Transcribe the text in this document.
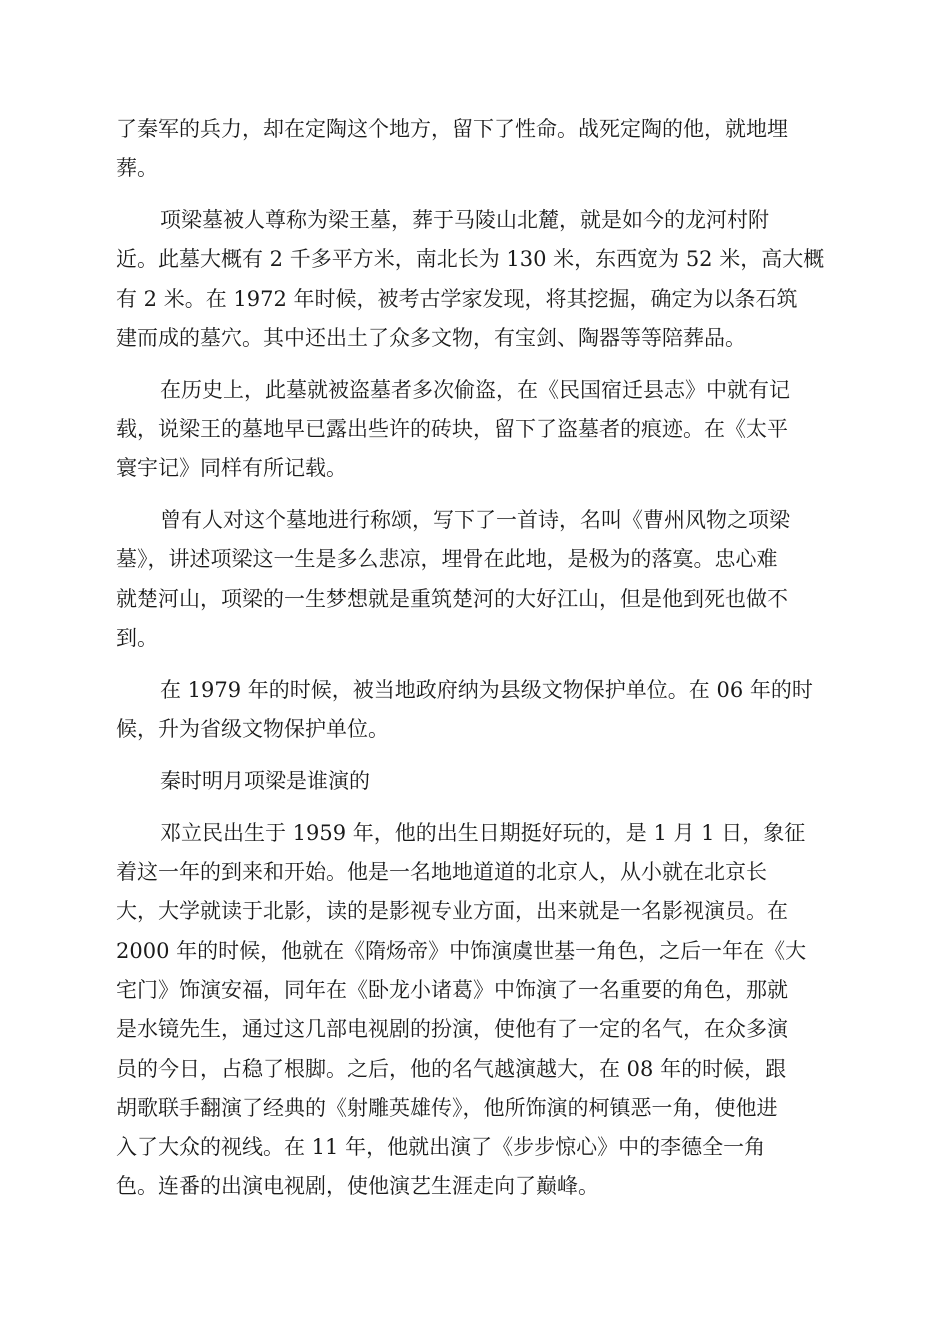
了秦军的兵力，却在定陶这个地方，留下了性命。战死定陶的他，就地埋
葬。

项梁墓被人尊称为梁王墓，葬于马陵山北麓，就是如今的龙河村附
近。此墓大概有 2 千多平方米，南北长为 130 米，东西宽为 52 米，高大概
有 2 米。在 1972 年时候，被考古学家发现，将其挖掘，确定为以条石筑
建而成的墓穴。其中还出土了众多文物，有宝剑、陶器等等陪葬品。

在历史上，此墓就被盗墓者多次偷盗，在《民国宿迁县志》中就有记
载，说梁王的墓地早已露出些许的砖块，留下了盗墓者的痕迹。在《太平
寰宇记》同样有所记载。

曾有人对这个墓地进行称颂，写下了一首诗，名叫《曹州风物之项梁
墓》，讲述项梁这一生是多么悲凉，埋骨在此地，是极为的落寞。忠心难
就楚河山，项梁的一生梦想就是重筑楚河的大好江山，但是他到死也做不
到。

在 1979 年的时候，被当地政府纳为县级文物保护单位。在 06 年的时
候，升为省级文物保护单位。

秦时明月项梁是谁演的

邓立民出生于 1959 年，他的出生日期挺好玩的，是 1 月 1 日，象征
着这一年的到来和开始。他是一名地地道道的北京人，从小就在北京长
大，大学就读于北影，读的是影视专业方面，出来就是一名影视演员。在
2000 年的时候，他就在《隋炀帝》中饰演虞世基一角色，之后一年在《大
宅门》饰演安福，同年在《卧龙小诸葛》中饰演了一名重要的角色，那就
是水镜先生，通过这几部电视剧的扮演，使他有了一定的名气，在众多演
员的今日，占稳了根脚。之后，他的名气越演越大，在 08 年的时候，跟
胡歌联手翻演了经典的《射雕英雄传》，他所饰演的柯镇恶一角，使他进
入了大众的视线。在 11 年，他就出演了《步步惊心》中的李德全一角
色。连番的出演电视剧，使他演艺生涯走向了巅峰。
